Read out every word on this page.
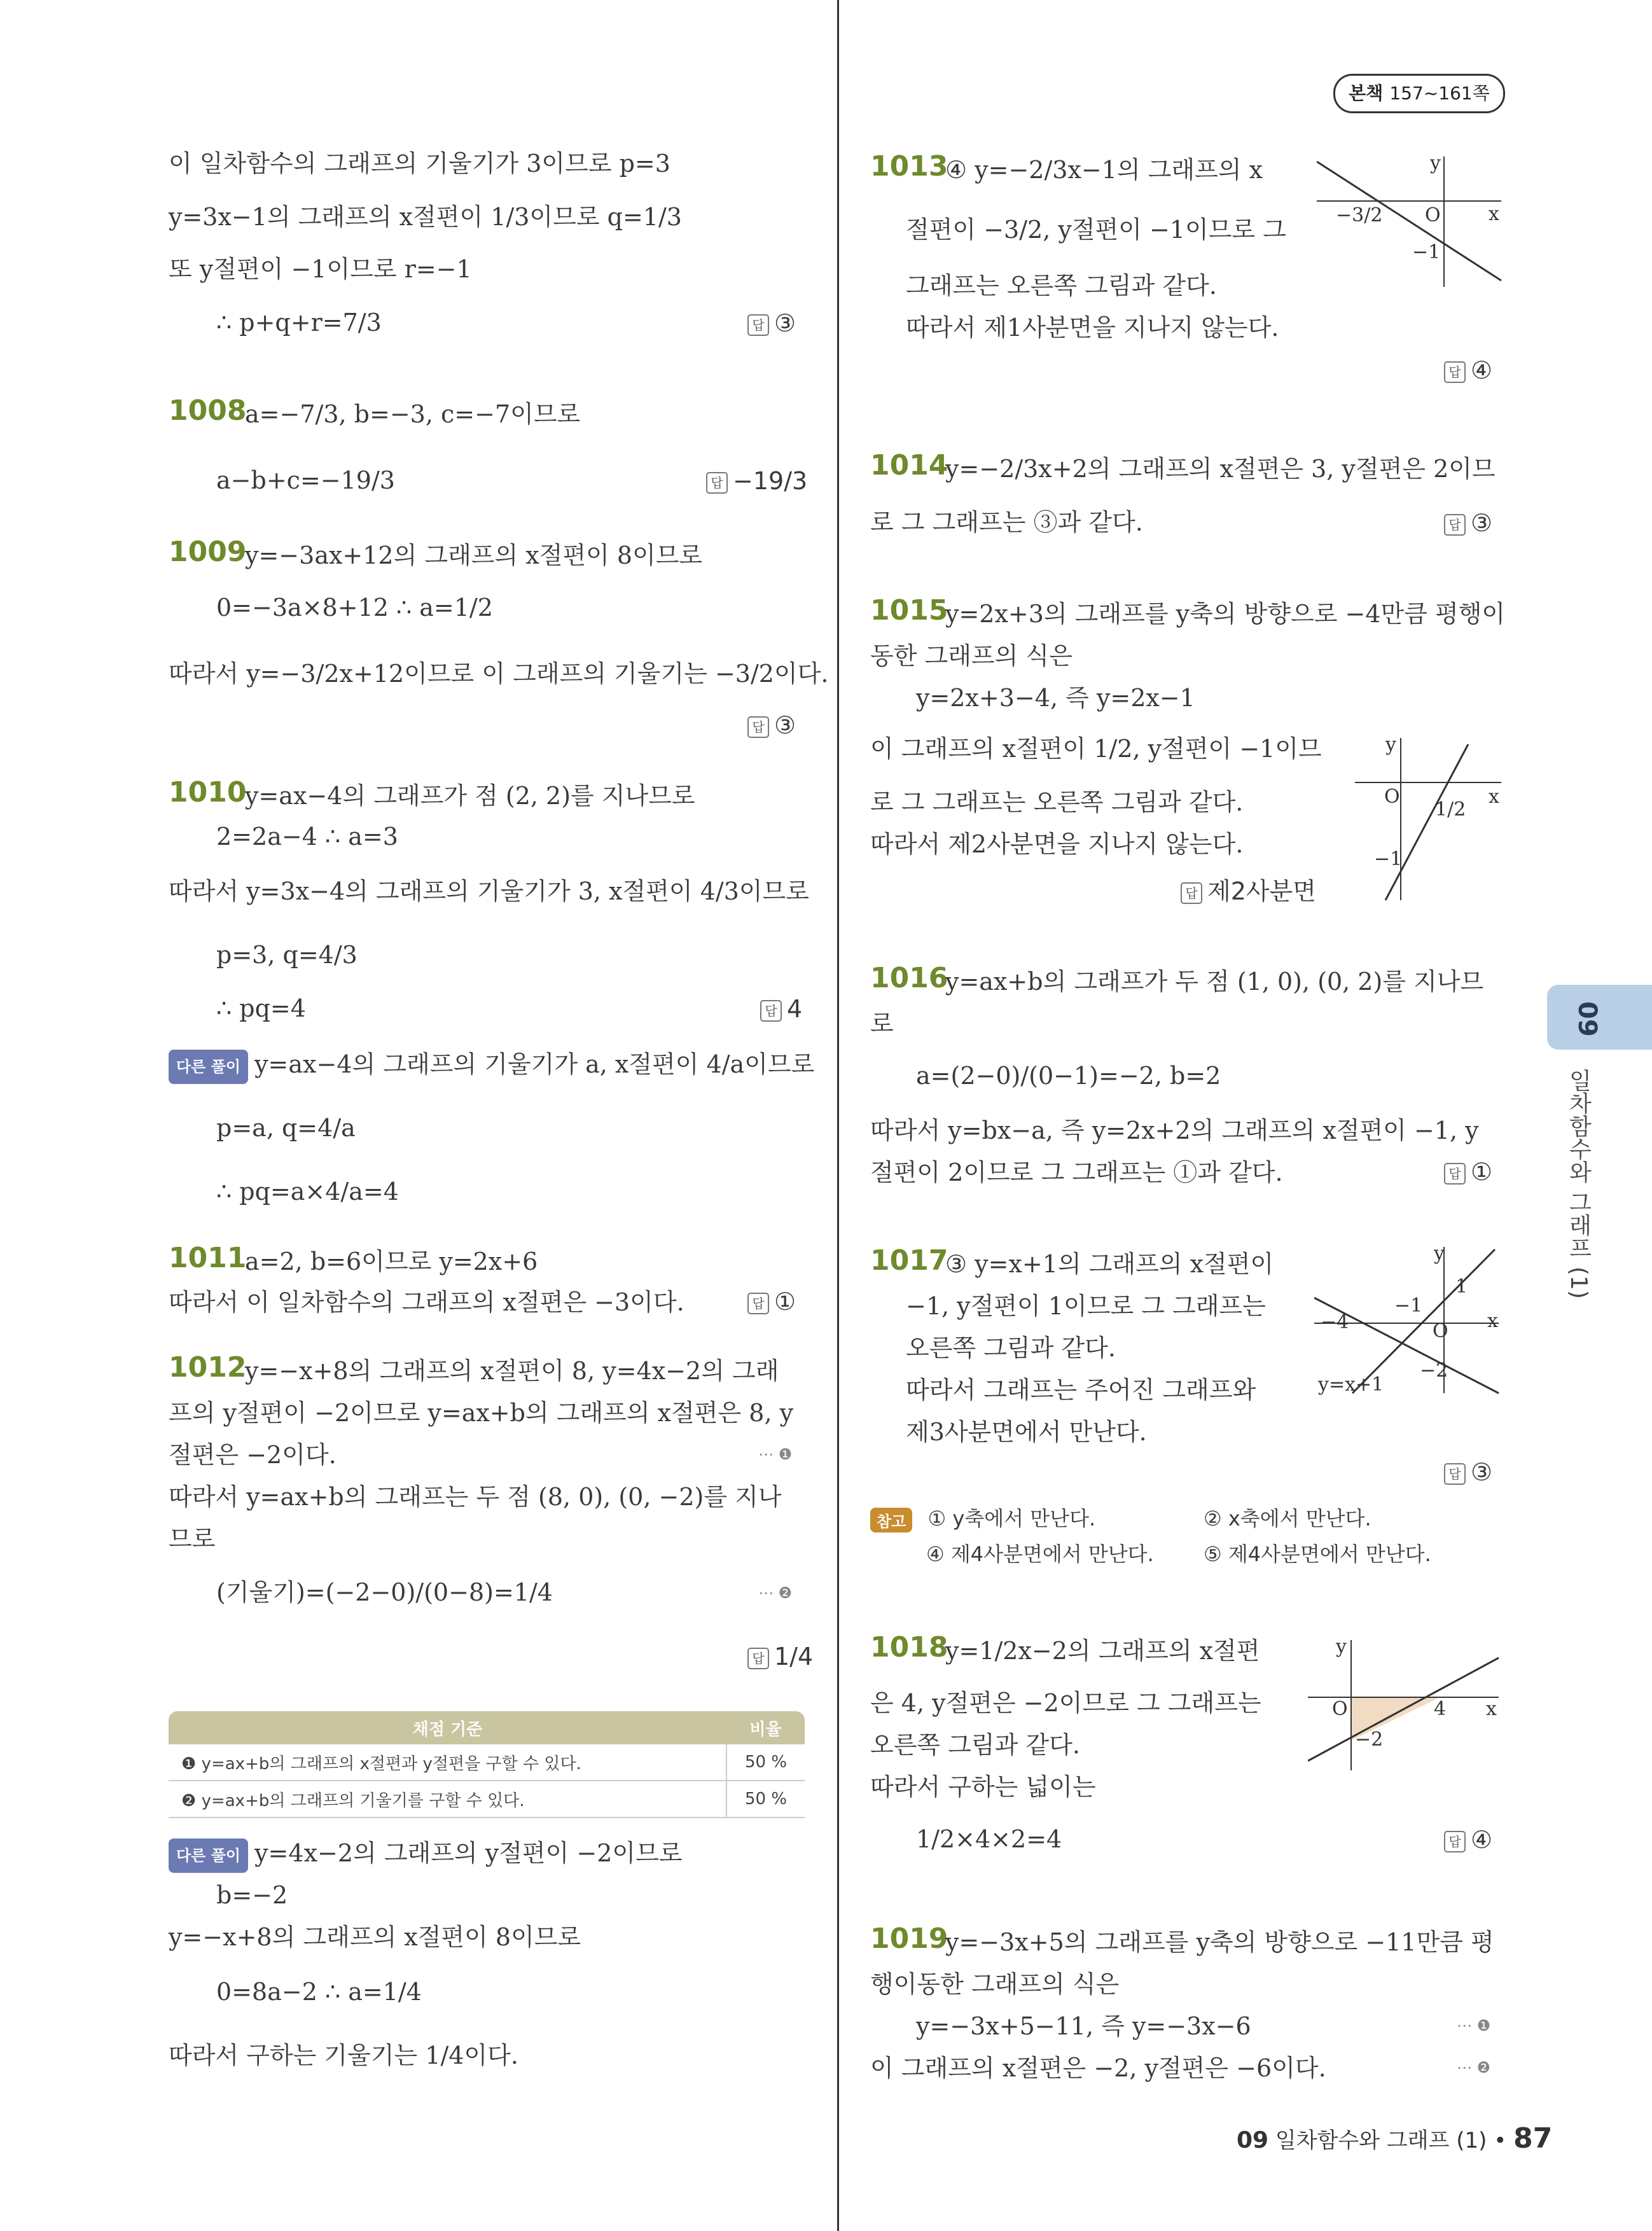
본책 157~161쪽
09
일차함수와 그래프 (1)
이 일차함수의 그래프의 기울기가 3이므로 p=3
y=3x−1의 그래프의 x절편이 1/3이므로 q=1/3
또 y절편이 −1이므로 r=−1
∴ p+q+r=7/3	답 ③
1008
a=−7/3, b=−3, c=−7이므로
a−b+c=−19/3	답 −19/3
1009
y=−3ax+12의 그래프의 x절편이 8이므로
0=−3a×8+12 ∴ a=1/2
따라서 y=−3/2x+12이므로 이 그래프의 기울기는 −3/2이다.
답 ③
1010
y=ax−4의 그래프가 점 (2, 2)를 지나므로
2=2a−4 ∴ a=3
따라서 y=3x−4의 그래프의 기울기가 3, x절편이 4/3이므로
p=3, q=4/3
∴ pq=4	답 4
다른 풀이 y=ax−4의 그래프의 기울기가 a, x절편이 4/a이므로
p=a, q=4/a
∴ pq=a×4/a=4
1011
a=2, b=6이므로 y=2x+6
따라서 이 일차함수의 그래프의 x절편은 −3이다.	답 ①
1012
y=−x+8의 그래프의 x절편이 8, y=4x−2의 그래
프의 y절편이 −2이므로 y=ax+b의 그래프의 x절편은 8, y
절편은 −2이다.	⋯ ❶
따라서 y=ax+b의 그래프는 두 점 (8, 0), (0, −2)를 지나
므로
(기울기)=(−2−0)/(0−8)=1/4	⋯ ❷
답 1/4
채점 기준	비율
❶ y=ax+b의 그래프의 x절편과 y절편을 구할 수 있다.	50 %
❷ y=ax+b의 그래프의 기울기를 구할 수 있다.	50 %
다른 풀이 y=4x−2의 그래프의 y절편이 −2이므로
b=−2
y=−x+8의 그래프의 x절편이 8이므로
0=8a−2 ∴ a=1/4
따라서 구하는 기울기는 1/4이다.
1013
④ y=−2/3x−1의 그래프의 x
절편이 −3/2, y절편이 −1이므로 그
그래프는 오른쪽 그림과 같다.
따라서 제1사분면을 지나지 않는다.
y
O	x
−3/2
−1
답 ④
1014
y=−2/3x+2의 그래프의 x절편은 3, y절편은 2이므
로 그 그래프는 ③과 같다.	답 ③
1015
y=2x+3의 그래프를 y축의 방향으로 −4만큼 평행이
동한 그래프의 식은
y=2x+3−4, 즉 y=2x−1
이 그래프의 x절편이 1/2, y절편이 −1이므
로 그 그래프는 오른쪽 그림과 같다.
따라서 제2사분면을 지나지 않는다.
답 제2사분면
y
O	x
1/2
−1
1016
y=ax+b의 그래프가 두 점 (1, 0), (0, 2)를 지나므
로
a=(2−0)/(0−1)=−2, b=2
따라서 y=bx−a, 즉 y=2x+2의 그래프의 x절편이 −1, y
절편이 2이므로 그 그래프는 ①과 같다.	답 ①
1017
③ y=x+1의 그래프의 x절편이
−1, y절편이 1이므로 그 그래프는
오른쪽 그림과 같다.
따라서 그래프는 주어진 그래프와
제3사분면에서 만난다.
y
1
−1
−4	O x
−2
y=x+1
답 ③
참고 ① y축에서 만난다.	② x축에서 만난다.
④ 제4사분면에서 만난다. ⑤ 제4사분면에서 만난다.
1018
y=1/2x−2의 그래프의 x절편
은 4, y절편은 −2이므로 그 그래프는
오른쪽 그림과 같다.
따라서 구하는 넓이는
1/2×4×2=4	답 ④
y
O	4 x
−2
1019
y=−3x+5의 그래프를 y축의 방향으로 −11만큼 평
행이동한 그래프의 식은
y=−3x+5−11, 즉 y=−3x−6	⋯ ❶
이 그래프의 x절편은 −2, y절편은 −6이다.	⋯ ❷
09 일차함수와 그래프 (1) • 87
